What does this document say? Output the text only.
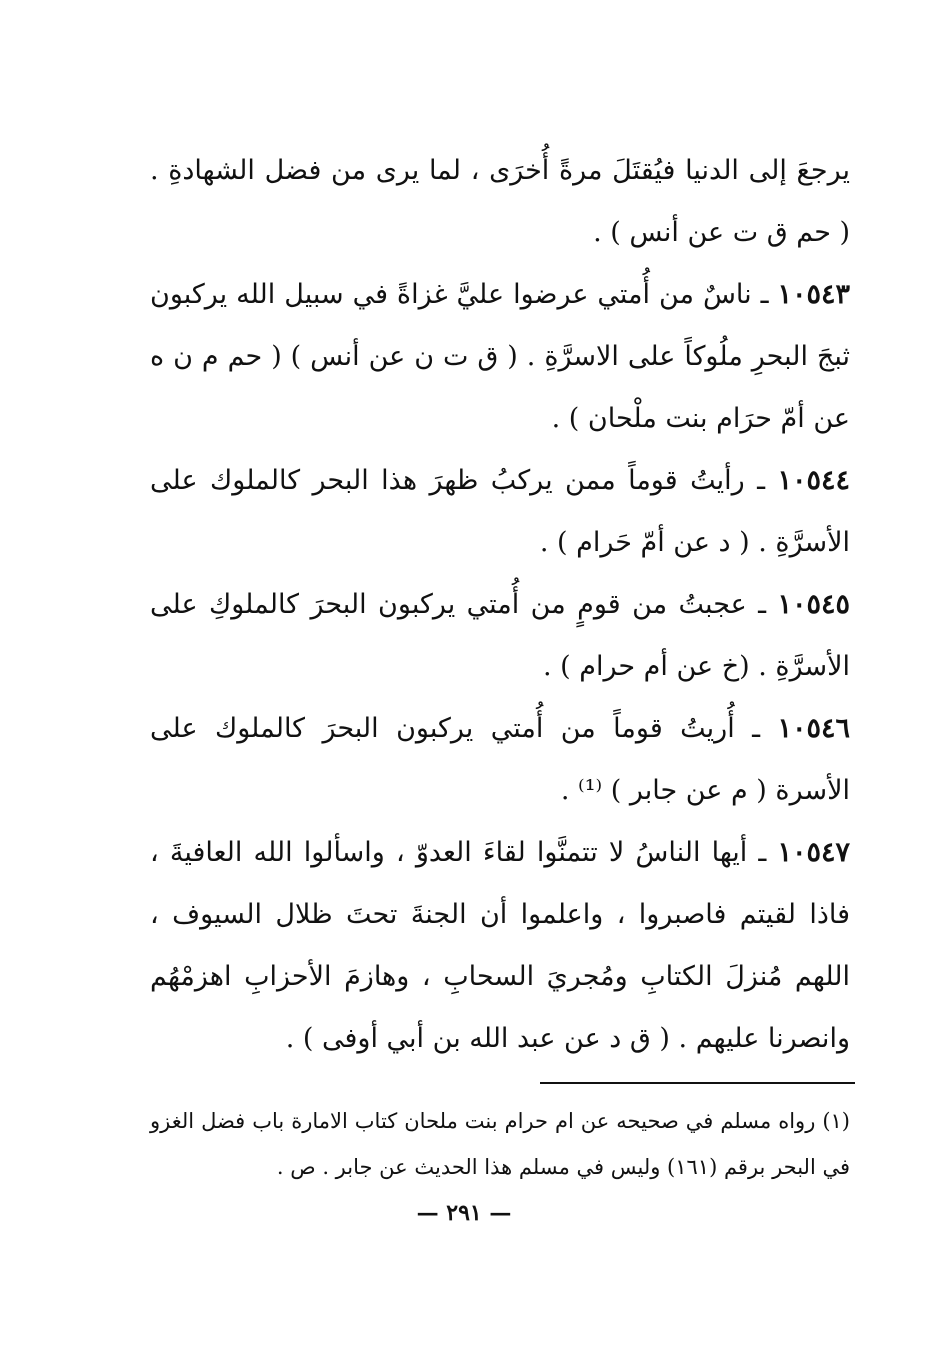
يرجعَ إلى الدنيا فيُقتَلَ مرةً أُخرَى ، لما يرى من فضل الشهادةِ . ( حم ق ت عن أنس ) .

١٠٥٤٣ ـ ناسٌ من أُمتي عرضوا عليَّ غزاةً في سبيل الله يركبون ثبجَ البحرِ ملُوكاً على الاسرَّةِ . ( ق ت ن عن أنس ) ( حم م ن ه عن أمّ حرَام بنت ملْحان ) .

١٠٥٤٤ ـ رأيتُ قوماً ممن يركبُ ظهرَ هذا البحر كالملوك على الأسرَّةِ . ( د عن أمّ حَرام ) .

١٠٥٤٥ ـ عجبتُ من قومٍ من أُمتي يركبون البحرَ كالملوكِ على الأسرَّةِ . (خ عن أم حرام ) .

١٠٥٤٦ ـ أُريتُ قوماً من أُمتي يركبون البحرَ كالملوك على الأسرة ( م عن جابر ) ⁽¹⁾ .

١٠٥٤٧ ـ أيها الناسُ لا تتمنَّوا لقاءَ العدوّ ، واسألوا الله العافيةَ ، فاذا لقيتم فاصبروا ، واعلموا أن الجنةَ تحتَ ظلال السيوف ، اللهم مُنزلَ الكتابِ ومُجريَ السحابِ ، وهازمَ الأحزابِ اهزمْهُم وانصرنا عليهم . ( ق د عن عبد الله بن أبي أوفى ) .

(١) رواه مسلم في صحيحه عن ام حرام بنت ملحان كتاب الامارة باب فضل الغزو في البحر برقم (١٦١) وليس في مسلم هذا الحديث عن جابر . ص .

— ٢٩١ —
